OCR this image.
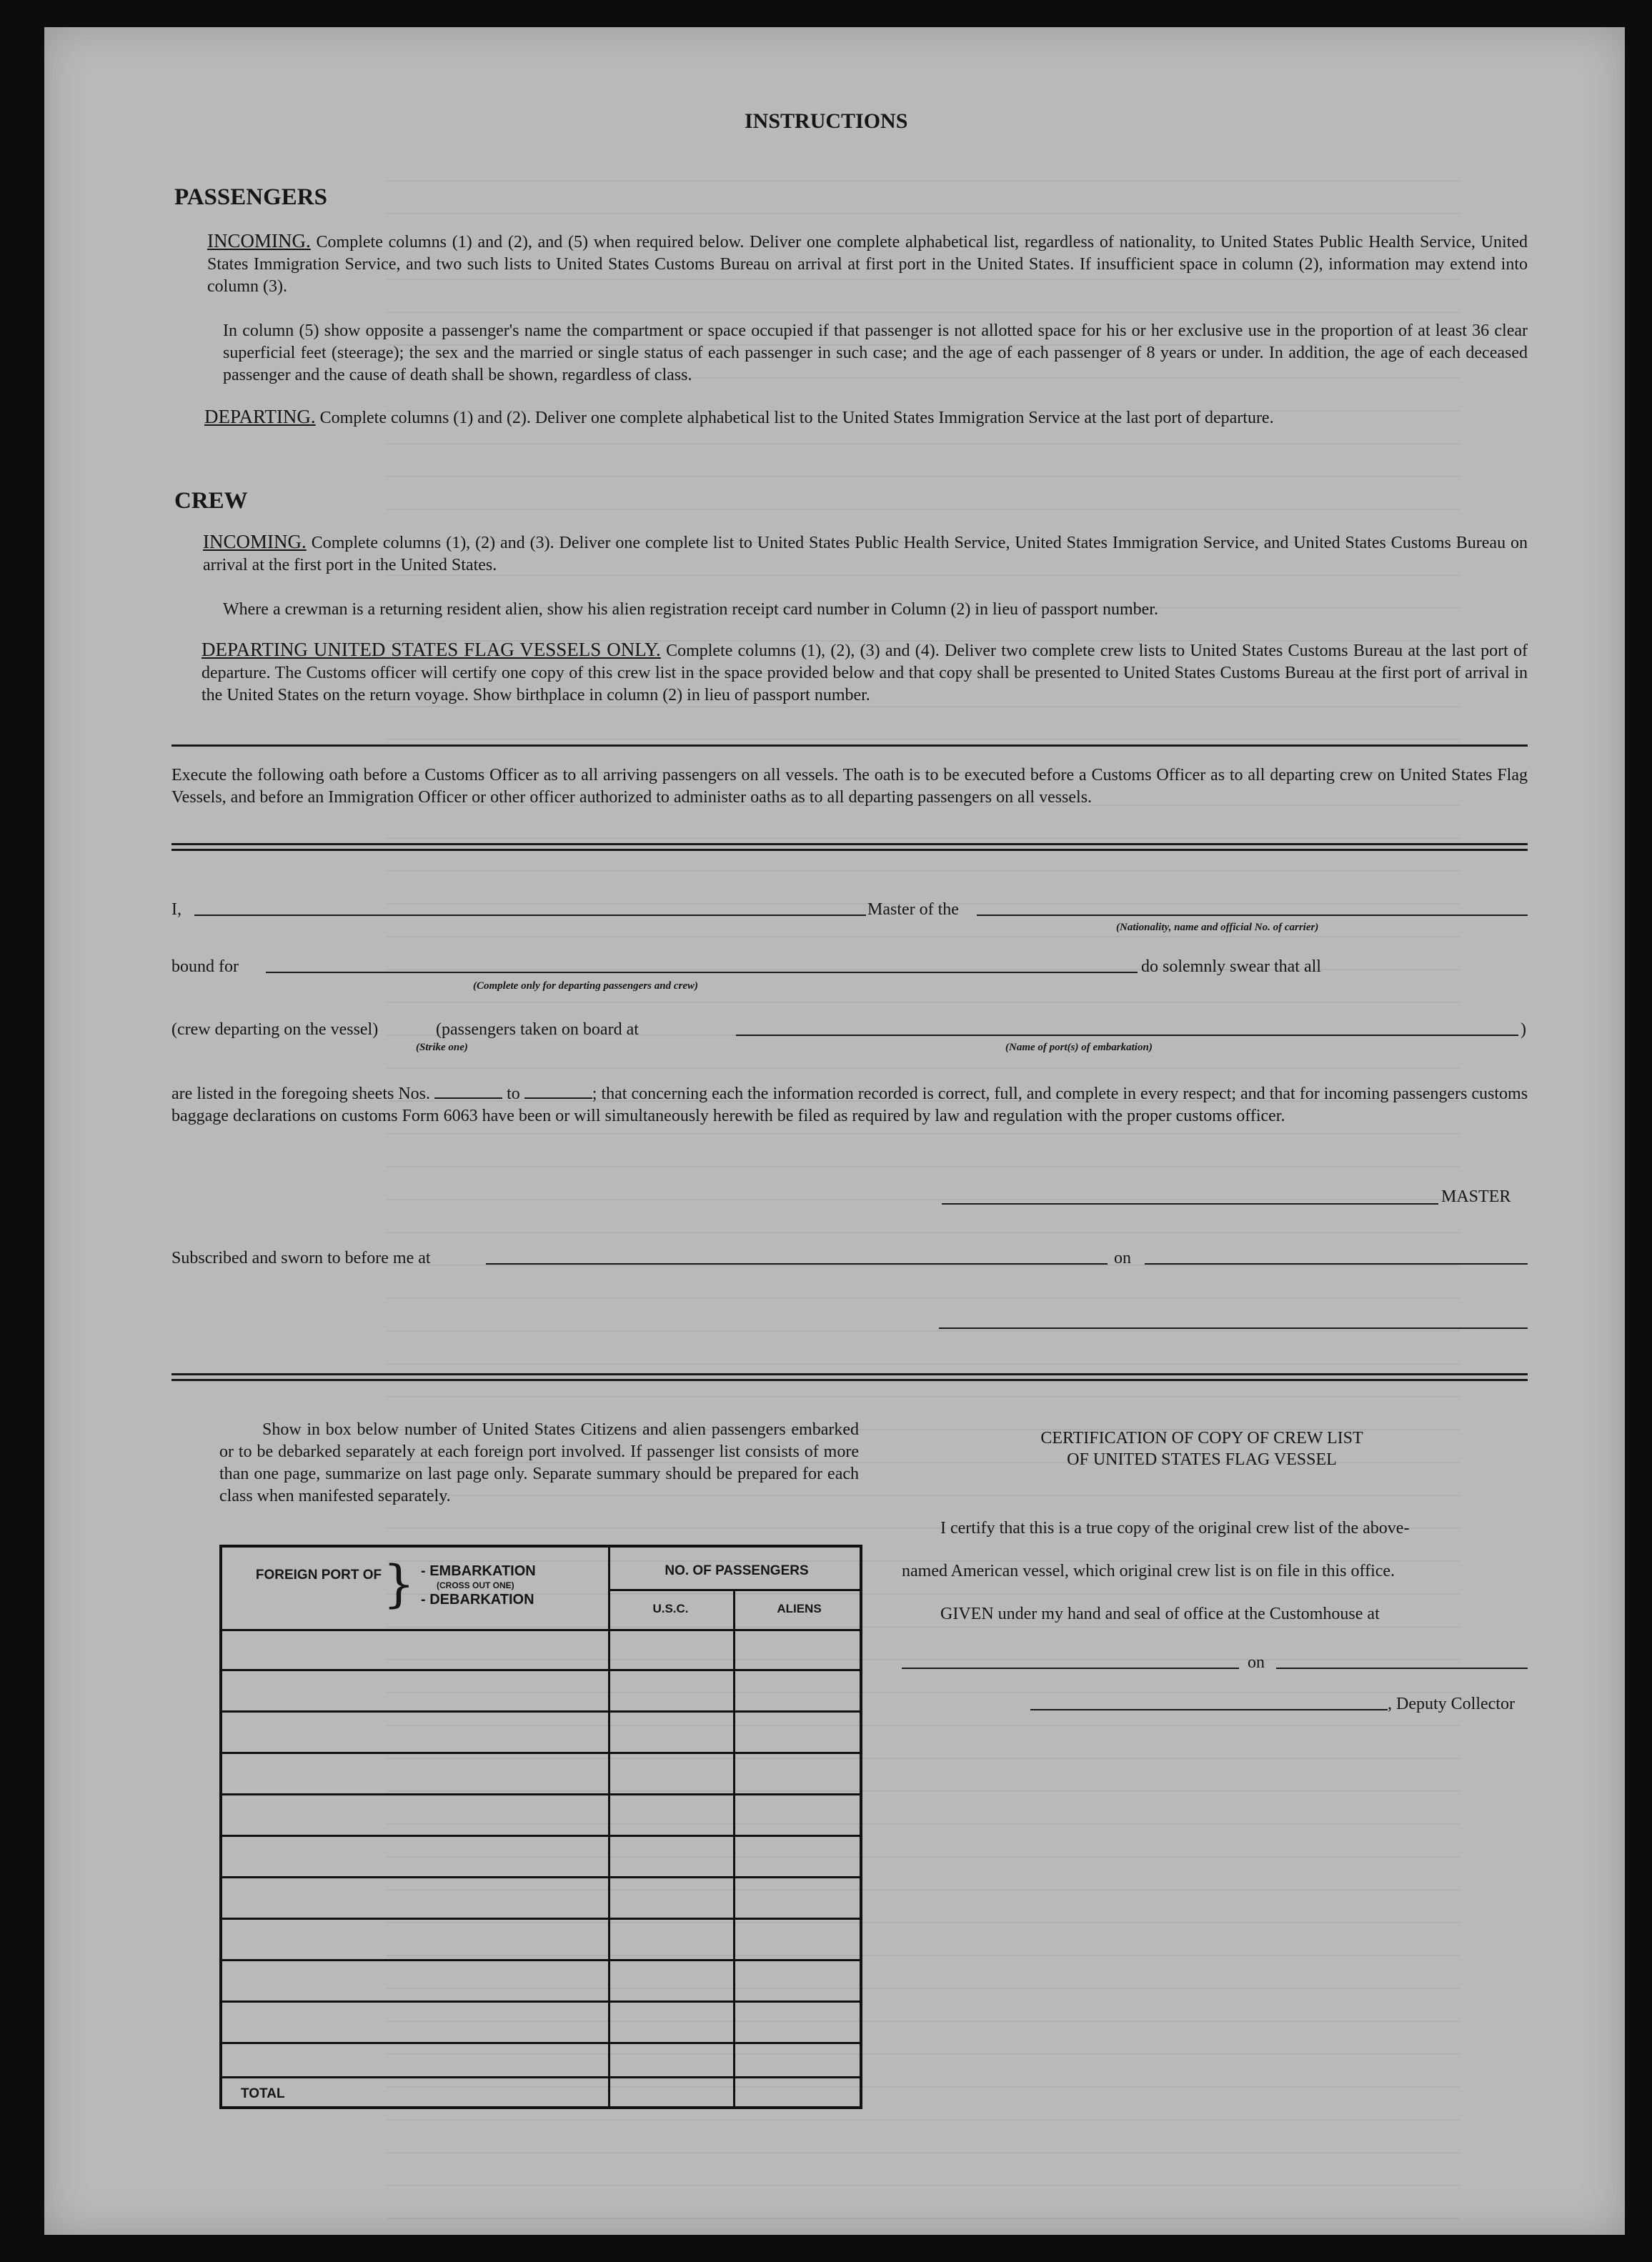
INSTRUCTIONS
PASSENGERS
INCOMING. Complete columns (1) and (2), and (5) when required below. Deliver one complete alphabetical list, regardless of nationality, to United States Public Health Service, United States Immigration Service, and two such lists to United States Customs Bureau on arrival at first port in the United States. If insufficient space in column (2), information may extend into column (3).
In column (5) show opposite a passenger's name the compartment or space occupied if that passenger is not allotted space for his or her exclusive use in the proportion of at least 36 clear superficial feet (steerage); the sex and the married or single status of each passenger in such case; and the age of each passenger of 8 years or under. In addition, the age of each deceased passenger and the cause of death shall be shown, regardless of class.
DEPARTING. Complete columns (1) and (2). Deliver one complete alphabetical list to the United States Immigration Service at the last port of departure.
CREW
INCOMING. Complete columns (1), (2) and (3). Deliver one complete list to United States Public Health Service, United States Immigration Service, and United States Customs Bureau on arrival at the first port in the United States.
Where a crewman is a returning resident alien, show his alien registration receipt card number in Column (2) in lieu of passport number.
DEPARTING UNITED STATES FLAG VESSELS ONLY. Complete columns (1), (2), (3) and (4). Deliver two complete crew lists to United States Customs Bureau at the last port of departure. The Customs officer will certify one copy of this crew list in the space provided below and that copy shall be presented to United States Customs Bureau at the first port of arrival in the United States on the return voyage. Show birthplace in column (2) in lieu of passport number.
Execute the following oath before a Customs Officer as to all arriving passengers on all vessels. The oath is to be executed before a Customs Officer as to all departing crew on United States Flag Vessels, and before an Immigration Officer or other officer authorized to administer oaths as to all departing passengers on all vessels.
I,	Master of the
(Nationality, name and official No. of carrier)
bound for
(Complete only for departing passengers and crew)
do solemnly swear that all
(crew departing on the vessel)	(passengers taken on board at	)
(Strike one)	(Name of port(s) of embarkation)
are listed in the foregoing sheets Nos.	to	; that concerning each the information recorded is correct, full, and complete in every respect; and that for incoming passengers customs baggage declarations on customs Form 6063 have been or will simultaneously herewith be filed as required by law and regulation with the proper customs officer.
MASTER
Subscribed and sworn to before me at	on
Show in box below number of United States Citizens and alien passengers embarked or to be debarked separately at each foreign port involved. If passenger list consists of more than one page, summarize on last page only. Separate summary should be prepared for each class when manifested separately.
FOREIGN PORT OF } - EMBARKATION
(CROSS OUT ONE)
- DEBARKATION
NO. OF PASSENGERS
U.S.C.	ALIENS
TOTAL
CERTIFICATION OF COPY OF CREW LIST
OF UNITED STATES FLAG VESSEL
I certify that this is a true copy of the original crew list of the above-
named American vessel, which original crew list is on file in this office.
GIVEN under my hand and seal of office at the Customhouse at
on
, Deputy Collector
